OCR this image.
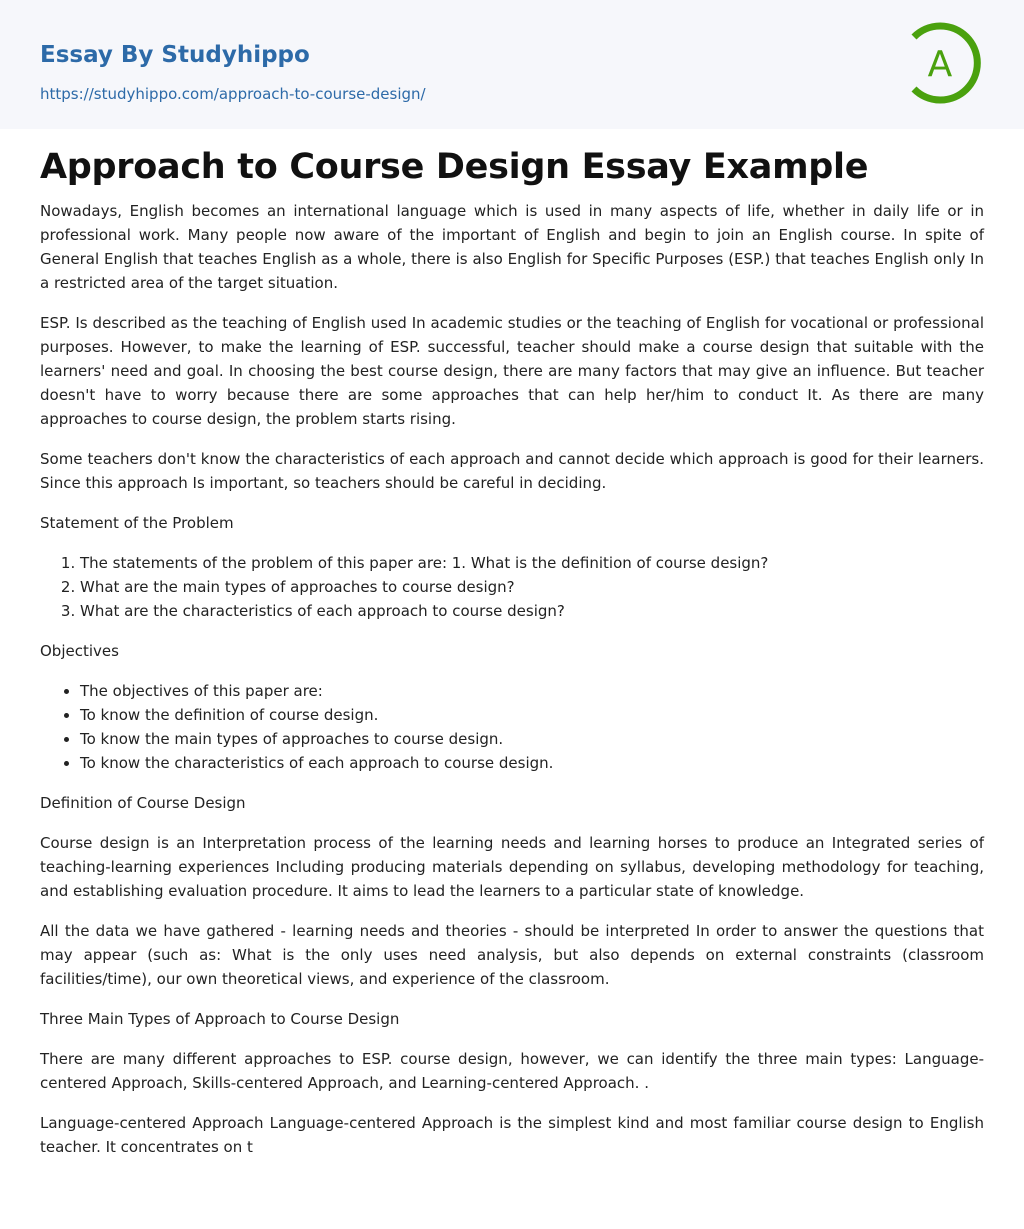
Essay By Studyhippo
https://studyhippo.com/approach-to-course-design/
A
Approach to Course Design Essay Example

Nowadays, English becomes an international language which is used in many aspects of life, whether in daily life or in professional work. Many people now aware of the important of English and begin to join an English course. In spite of General English that teaches English as a whole, there is also English for Specific Purposes (ESP.) that teaches English only In a restricted area of the target situation.

ESP. Is described as the teaching of English used In academic studies or the teaching of English for vocational or professional purposes. However, to make the learning of ESP. successful, teacher should make a course design that suitable with the learners' need and goal. In choosing the best course design, there are many factors that may give an influence. But teacher doesn't have to worry because there are some approaches that can help her/him to conduct It. As there are many approaches to course design, the problem starts rising.

Some teachers don't know the characteristics of each approach and cannot decide which approach is good for their learners. Since this approach Is important, so teachers should be careful in deciding.

Statement of the Problem

1. The statements of the problem of this paper are: 1. What is the definition of course design?
2. What are the main types of approaches to course design?
3. What are the characteristics of each approach to course design?

Objectives

• The objectives of this paper are:
• To know the definition of course design.
• To know the main types of approaches to course design.
• To know the characteristics of each approach to course design.

Definition of Course Design

Course design is an Interpretation process of the learning needs and learning horses to produce an Integrated series of teaching-learning experiences Including producing materials depending on syllabus, developing methodology for teaching, and establishing evaluation procedure. It aims to lead the learners to a particular state of knowledge.

All the data we have gathered - learning needs and theories - should be interpreted In order to answer the questions that may appear (such as: What is the only uses need analysis, but also depends on external constraints (classroom facilities/time), our own theoretical views, and experience of the classroom.

Three Main Types of Approach to Course Design

There are many different approaches to ESP. course design, however, we can identify the three main types: Language-centered Approach, Skills-centered Approach, and Learning-centered Approach. .

Language-centered Approach Language-centered Approach is the simplest kind and most familiar course design to English teacher. It concentrates on t
